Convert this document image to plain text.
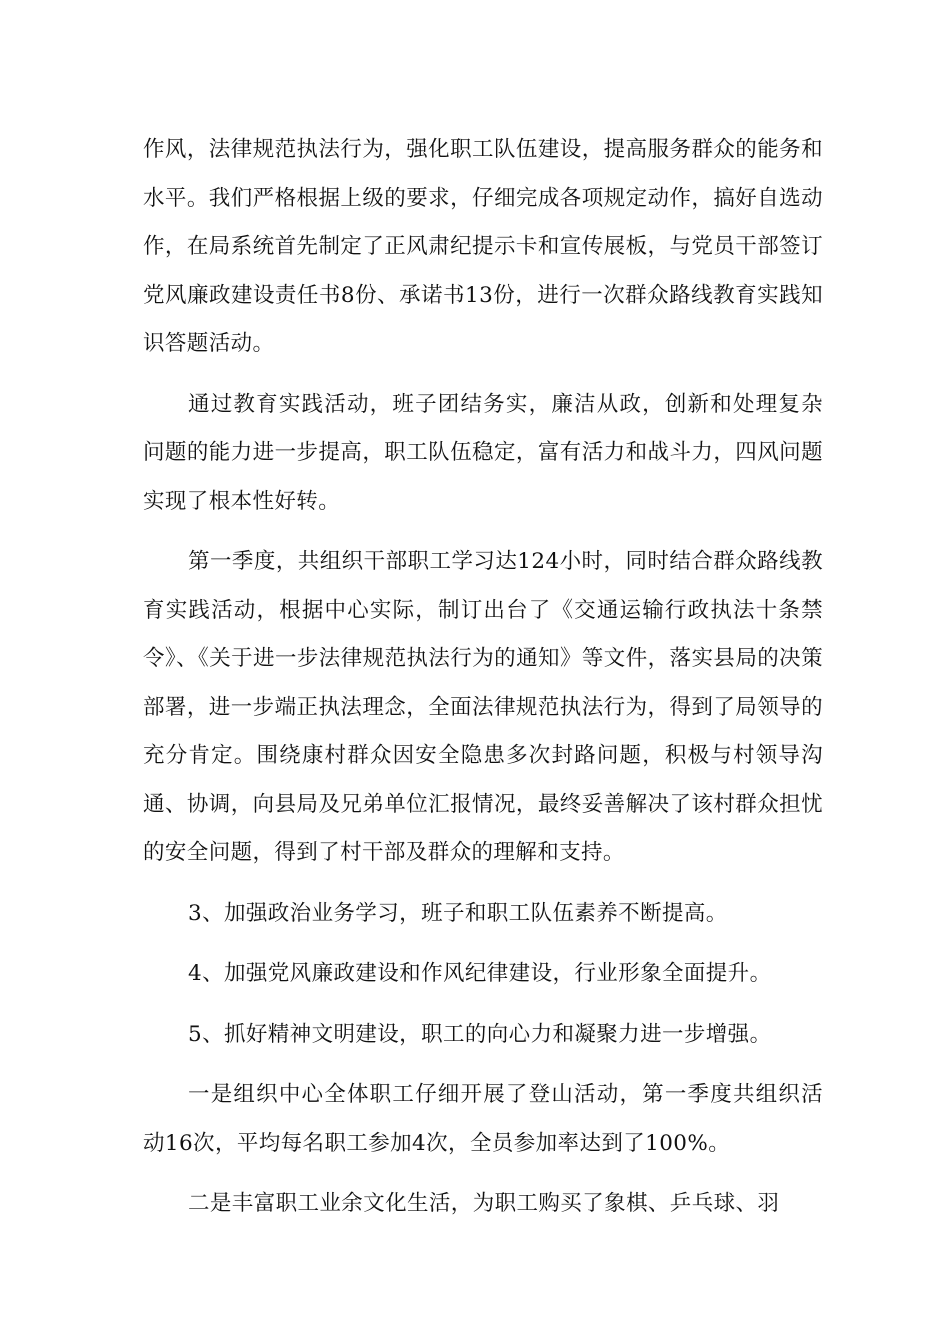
作风，法律规范执法行为，强化职工队伍建设，提高服务群众的能务和水平。我们严格根据上级的要求，仔细完成各项规定动作，搞好自选动作，在局系统首先制定了正风肃纪提示卡和宣传展板，与党员干部签订党风廉政建设责任书8份、承诺书13份，进行一次群众路线教育实践知识答题活动。

通过教育实践活动，班子团结务实，廉洁从政，创新和处理复杂问题的能力进一步提高，职工队伍稳定，富有活力和战斗力，四风问题实现了根本性好转。

第一季度，共组织干部职工学习达124小时，同时结合群众路线教育实践活动，根据中心实际，制订出台了《交通运输行政执法十条禁令》、《关于进一步法律规范执法行为的通知》等文件，落实县局的决策部署，进一步端正执法理念，全面法律规范执法行为，得到了局领导的充分肯定。围绕康村群众因安全隐患多次封路问题，积极与村领导沟通、协调，向县局及兄弟单位汇报情况，最终妥善解决了该村群众担忧的安全问题，得到了村干部及群众的理解和支持。

3、加强政治业务学习，班子和职工队伍素养不断提高。

4、加强党风廉政建设和作风纪律建设，行业形象全面提升。

5、抓好精神文明建设，职工的向心力和凝聚力进一步增强。

一是组织中心全体职工仔细开展了登山活动，第一季度共组织活动16次，平均每名职工参加4次，全员参加率达到了100%。

二是丰富职工业余文化生活，为职工购买了象棋、乒乓球、羽
